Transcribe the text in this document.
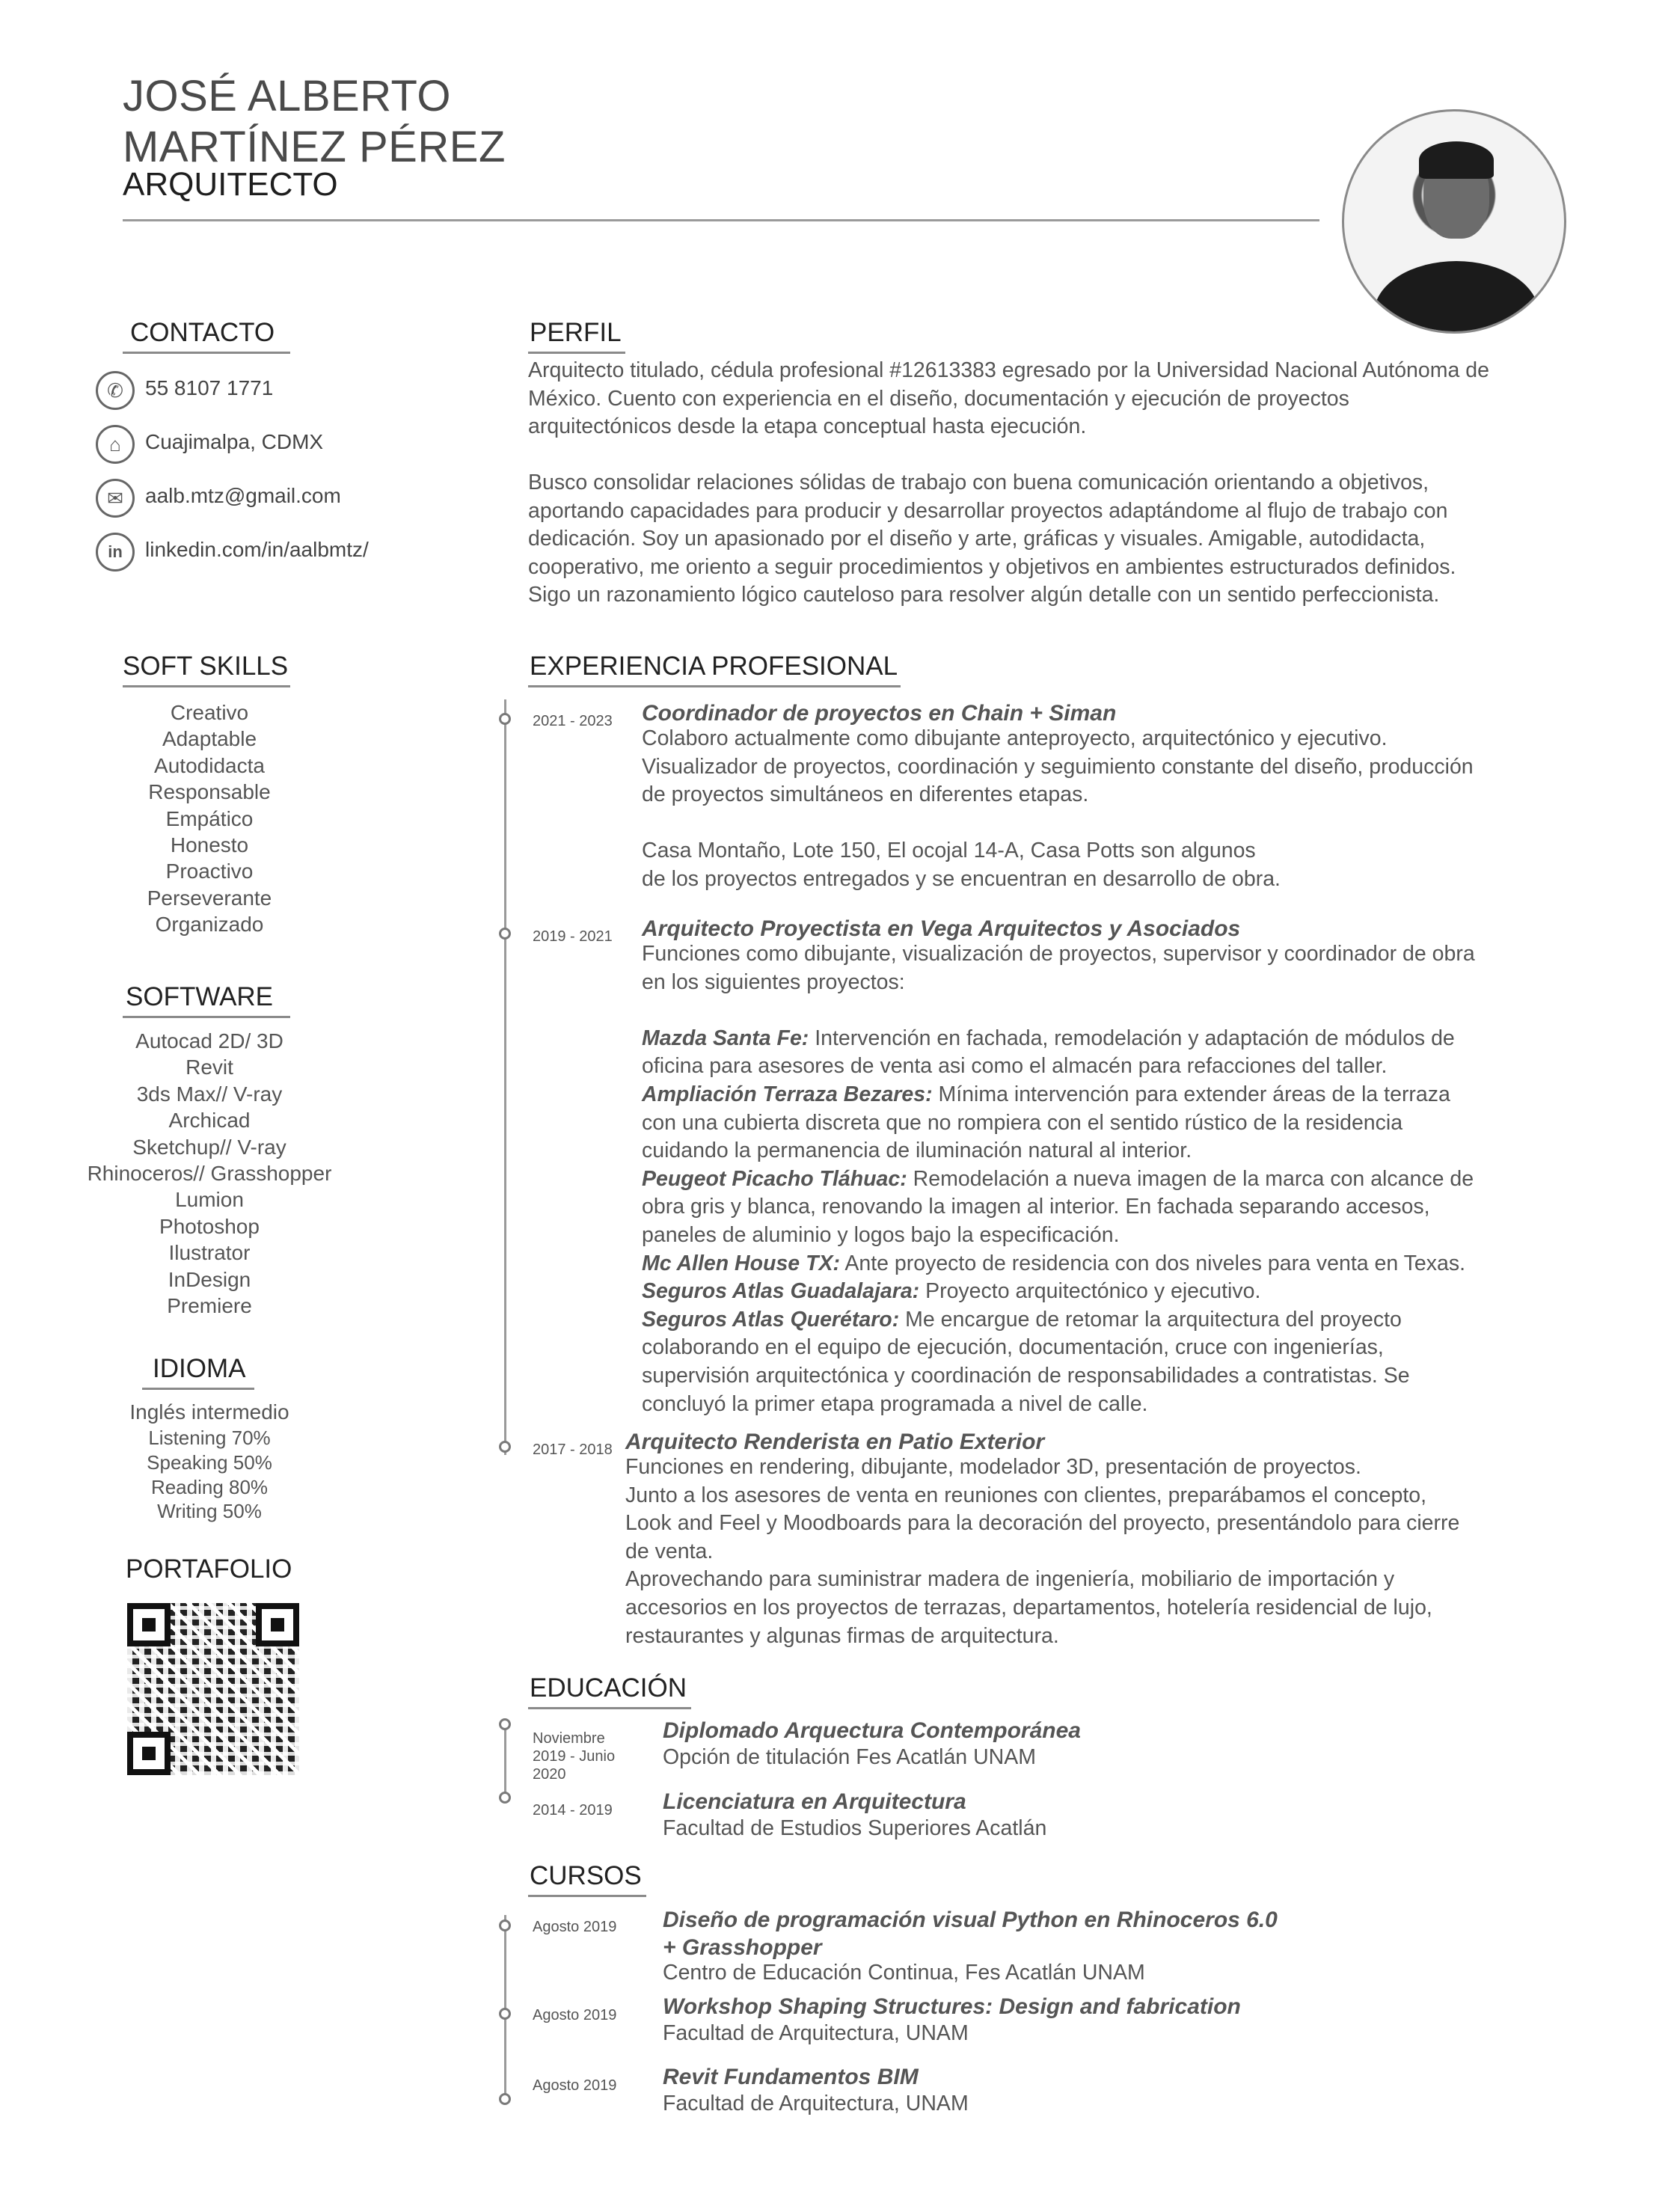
JOSÉ ALBERTO
MARTÍNEZ PÉREZ
ARQUITECTO
CONTACTO
✆	55 8107 1771
⌂	Cuajimalpa, CDMX
✉	aalb.mtz@gmail.com
in	linkedin.com/in/aalbmtz/
SOFT SKILLS
Creativo
Adaptable
Autodidacta
Responsable
Empático
Honesto
Proactivo
Perseverante
Organizado
SOFTWARE
Autocad 2D/ 3D
Revit
3ds Max// V-ray
Archicad
Sketchup// V-ray
Rhinoceros// Grasshopper
Lumion
Photoshop
Ilustrator
InDesign
Premiere
IDIOMA
Inglés intermedio
Listening 70%
Speaking 50%
Reading 80%
Writing 50%
PORTAFOLIO
PERFIL
Arquitecto titulado, cédula profesional #12613383 egresado por la Universidad Nacional Autónoma de
México. Cuento con experiencia en el diseño, documentación y ejecución de proyectos
arquitectónicos desde la etapa conceptual hasta ejecución.
Busco consolidar relaciones sólidas de trabajo con buena comunicación orientando a objetivos,
aportando capacidades para producir y desarrollar proyectos adaptándome al flujo de trabajo con
dedicación. Soy un apasionado por el diseño y arte, gráficas y visuales. Amigable, autodidacta,
cooperativo, me oriento a seguir procedimientos y objetivos en ambientes estructurados definidos.
Sigo un razonamiento lógico cauteloso para resolver algún detalle con un sentido perfeccionista.
EXPERIENCIA PROFESIONAL
2021 - 2023 Coordinador de proyectos en Chain + Siman
Colaboro actualmente como dibujante anteproyecto, arquitectónico y ejecutivo.
Visualizador de proyectos, coordinación y seguimiento constante del diseño, producción
de proyectos simultáneos en diferentes etapas.
Casa Montaño, Lote 150, El ocojal 14-A, Casa Potts son algunos
de los proyectos entregados y se encuentran en desarrollo de obra.
2019 - 2021 Arquitecto Proyectista en Vega Arquitectos y Asociados
Funciones como dibujante, visualización de proyectos, supervisor y coordinador de obra
en los siguientes proyectos:
Mazda Santa Fe: Intervención en fachada, remodelación y adaptación de módulos de
oficina para asesores de venta asi como el almacén para refacciones del taller.
Ampliación Terraza Bezares: Mínima intervención para extender áreas de la terraza
con una cubierta discreta que no rompiera con el sentido rústico de la residencia
cuidando la permanencia de iluminación natural al interior.
Peugeot Picacho Tláhuac: Remodelación a nueva imagen de la marca con alcance de
obra gris y blanca, renovando la imagen al interior. En fachada separando accesos,
paneles de aluminio y logos bajo la especificación.
Mc Allen House TX: Ante proyecto de residencia con dos niveles para venta en Texas.
Seguros Atlas Guadalajara: Proyecto arquitectónico y ejecutivo.
Seguros Atlas Querétaro: Me encargue de retomar la arquitectura del proyecto
colaborando en el equipo de ejecución, documentación, cruce con ingenierías,
supervisión arquitectónica y coordinación de responsabilidades a contratistas. Se
concluyó la primer etapa programada a nivel de calle.
2017 - 2018 Arquitecto Renderista en Patio Exterior
Funciones en rendering, dibujante, modelador 3D, presentación de proyectos.
Junto a los asesores de venta en reuniones con clientes, preparábamos el concepto,
Look and Feel y Moodboards para la decoración del proyecto, presentándolo para cierre
de venta.
Aprovechando para suministrar madera de ingeniería, mobiliario de importación y
accesorios en los proyectos de terrazas, departamentos, hotelería residencial de lujo,
restaurantes y algunas firmas de arquitectura.
EDUCACIÓN
Noviembre
2019 - Junio
2020
Diplomado Arquectura Contemporánea
Opción de titulación Fes Acatlán UNAM
2014 - 2019 Licenciatura en Arquitectura
Facultad de Estudios Superiores Acatlán
CURSOS
Agosto 2019 Diseño de programación visual Python en Rhinoceros 6.0
+ Grasshopper
Centro de Educación Continua, Fes Acatlán UNAM
Agosto 2019 Workshop Shaping Structures: Design and fabrication
Facultad de Arquitectura, UNAM
Agosto 2019 Revit Fundamentos BIM
Facultad de Arquitectura, UNAM
